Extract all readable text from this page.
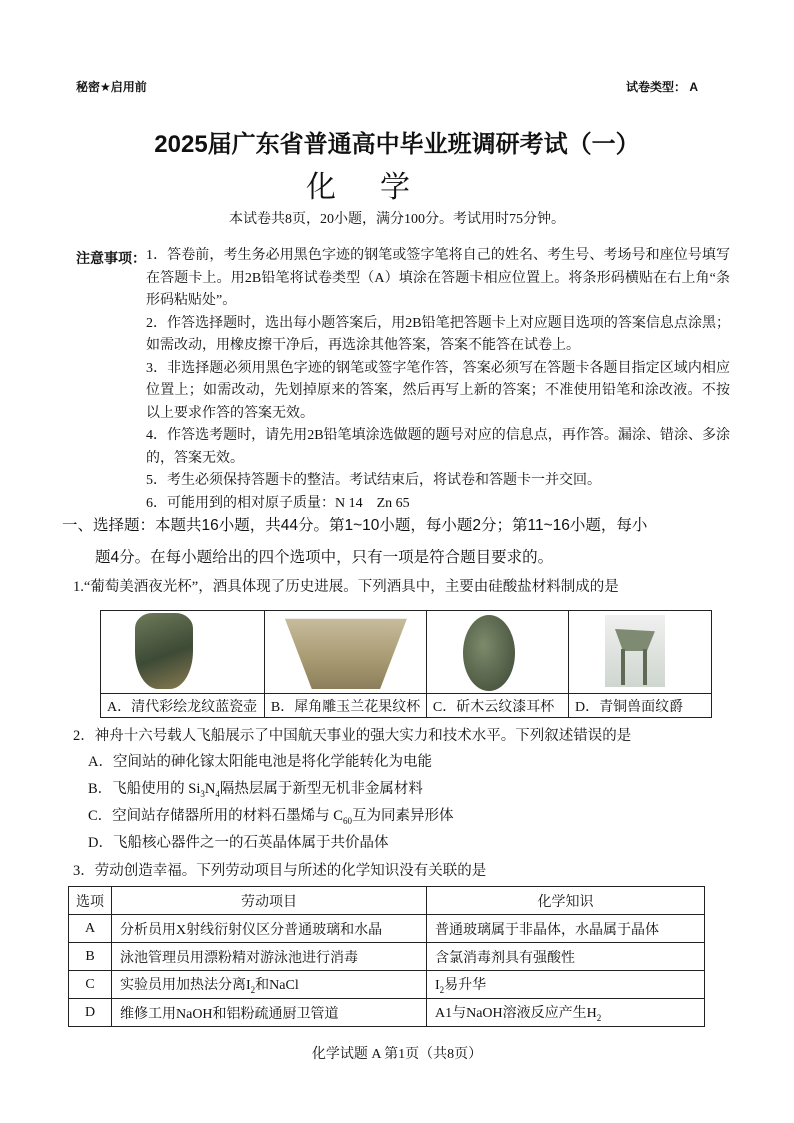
秘密★启用前	试卷类型： A
2025届广东省普通高中毕业班调研考试（一）
化学
本试卷共8页，20小题，满分100分。考试用时75分钟。
注意事项： 1．答卷前，考生务必用黑色字迹的钢笔或签字笔将自己的姓名、考生号、考场号和座位号填写在答题卡上。用2B铅笔将试卷类型（A）填涂在答题卡相应位置上。将条形码横贴在右上角“条形码粘贴处”。

2．作答选择题时，选出每小题答案后，用2B铅笔把答题卡上对应题目选项的答案信息点涂黑；如需改动，用橡皮擦干净后，再选涂其他答案，答案不能答在试卷上。

3．非选择题必须用黑色字迹的钢笔或签字笔作答，答案必须写在答题卡各题目指定区域内相应位置上；如需改动，先划掉原来的答案，然后再写上新的答案；不准使用铅笔和涂改液。不按以上要求作答的答案无效。

4．作答选考题时，请先用2B铅笔填涂选做题的题号对应的信息点，再作答。漏涂、错涂、多涂的，答案无效。

5．考生必须保持答题卡的整洁。考试结束后，将试卷和答题卡一并交回。

6．可能用到的相对原子质量：N 14　Zn 65

一、选择题：本题共16小题，共44分。第1~10小题，每小题2分；第11~16小题，每小
题4分。在每小题给出的四个选项中，只有一项是符合题目要求的。
1.“葡萄美酒夜光杯”，酒具体现了历史进展。下列酒具中，主要由硅酸盐材料制成的是

A．清代彩绘龙纹蓝瓷壶	B．犀角雕玉兰花果纹杯	C．斫木云纹漆耳杯	D．青铜兽面纹爵
2．神舟十六号载人飞船展示了中国航天事业的强大实力和技术水平。下列叙述错误的是
A．空间站的砷化镓太阳能电池是将化学能转化为电能
B．飞船使用的 $Si_3N_4$隔热层属于新型无机非金属材料
C．空间站存储器所用的材料石墨烯与 $C_{60}$互为同素异形体
D．飞船核心器件之一的石英晶体属于共价晶体
3．劳动创造幸福。下列劳动项目与所述的化学知识没有关联的是
选项	劳动项目	化学知识
A	分析员用X射线衍射仪区分普通玻璃和水晶	普通玻璃属于非晶体，水晶属于晶体
B	泳池管理员用漂粉精对游泳池进行消毒	含氯消毒剂具有强酸性
C	实验员用加热法分离$I_2$和NaCl	$I_2$易升华
D	维修工用NaOH和铝粉疏通厨卫管道	A1与NaOH溶液反应产生$H_2$
化学试题 A 第1页（共8页）
